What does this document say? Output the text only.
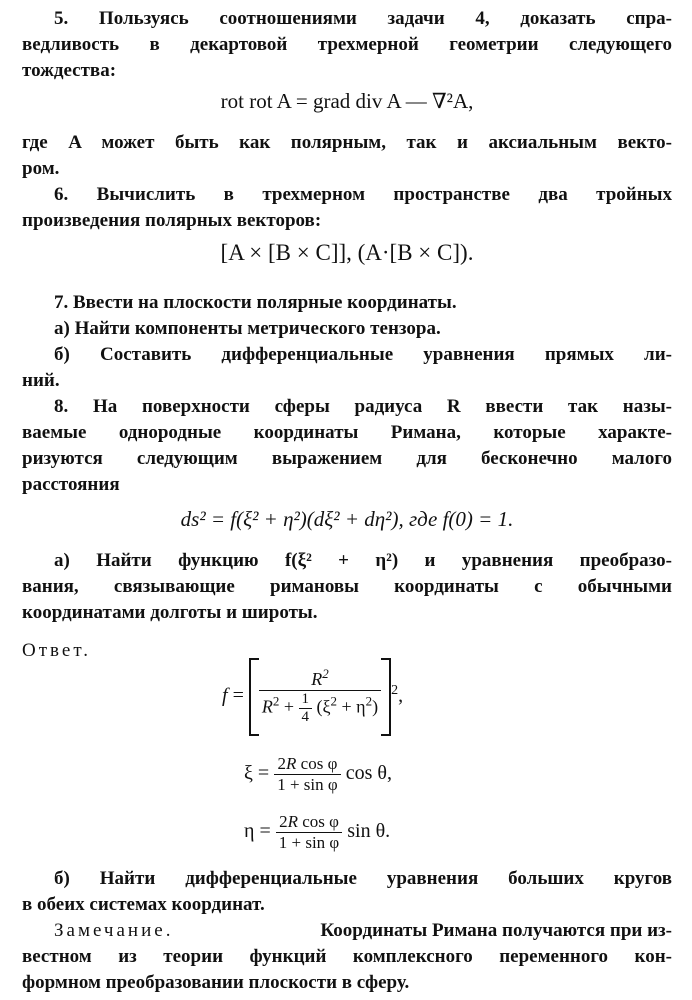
5. Пользуясь соотношениями задачи 4, доказать спра-
ведливость в декартовой трехмерной геометрии следующего
тождества:
rot rot A = grad div A — ∇²A,
где A может быть как полярным, так и аксиальным векто-
ром.
6. Вычислить в трехмерном пространстве два тройных
произведения полярных векторов:
[A × [B × C]], (A·[B × C]).
7. Ввести на плоскости полярные координаты.
а) Найти компоненты метрического тензора.
б) Составить дифференциальные уравнения прямых ли-
ний.
8. На поверхности сферы радиуса R ввести так назы-
ваемые однородные координаты Римана, которые характе-
ризуются следующим выражением для бесконечно малого
расстояния
ds² = f(ξ² + η²)(dξ² + dη²), где f(0) = 1.
а) Найти функцию f(ξ² + η²) и уравнения преобразо-
вания, связывающие римановы координаты с обычными
координатами долготы и широты.
Ответ.
$f = \frac{R^2}{R^2 + \frac{1}{4} (\xi^2 + \eta^2)} ^2$,
$\xi = \frac{\text{2R cos φ}}{\text{1 + sin φ}}$ cos θ,
$\eta = \frac{\text{2R cos φ}}{\text{1 + sin φ}}$ sin θ.
б) Найти дифференциальные уравнения больших кругов
в обеих системах координат.
Замечание.	Координаты Римана получаются при из-
вестном из теории функций комплексного переменного кон-
формном преобразовании плоскости в сферу.
